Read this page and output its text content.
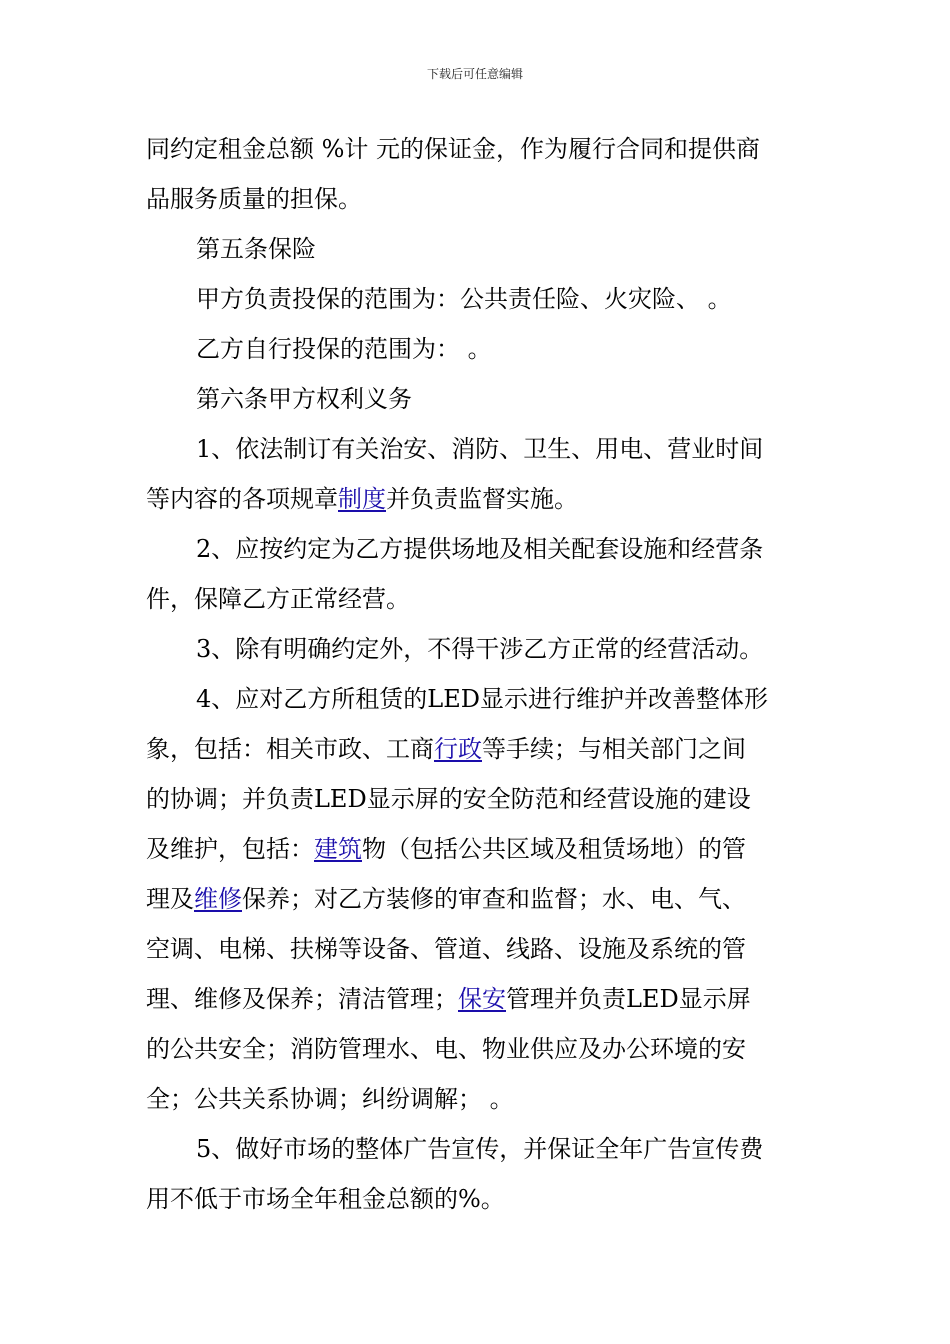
下载后可任意编辑
同约定租金总额 %计 元的保证金，作为履行合同和提供商
品服务质量的担保。
第五条保险
甲方负责投保的范围为：公共责任险、火灾险、 。
乙方自行投保的范围为： 。
第六条甲方权利义务
1、依法制订有关治安、消防、卫生、用电、营业时间
等内容的各项规章制度并负责监督实施。
2、应按约定为乙方提供场地及相关配套设施和经营条
件，保障乙方正常经营。
3、除有明确约定外，不得干涉乙方正常的经营活动。
4、应对乙方所租赁的LED显示进行维护并改善整体形
象，包括：相关市政、工商行政等手续；与相关部门之间
的协调；并负责LED显示屏的安全防范和经营设施的建设
及维护，包括：建筑物（包括公共区域及租赁场地）的管
理及维修保养；对乙方装修的审查和监督；水、电、气、
空调、电梯、扶梯等设备、管道、线路、设施及系统的管
理、维修及保养；清洁管理；保安管理并负责LED显示屏
的公共安全；消防管理水、电、物业供应及办公环境的安
全；公共关系协调；纠纷调解； 。
5、做好市场的整体广告宣传，并保证全年广告宣传费
用不低于市场全年租金总额的%。
